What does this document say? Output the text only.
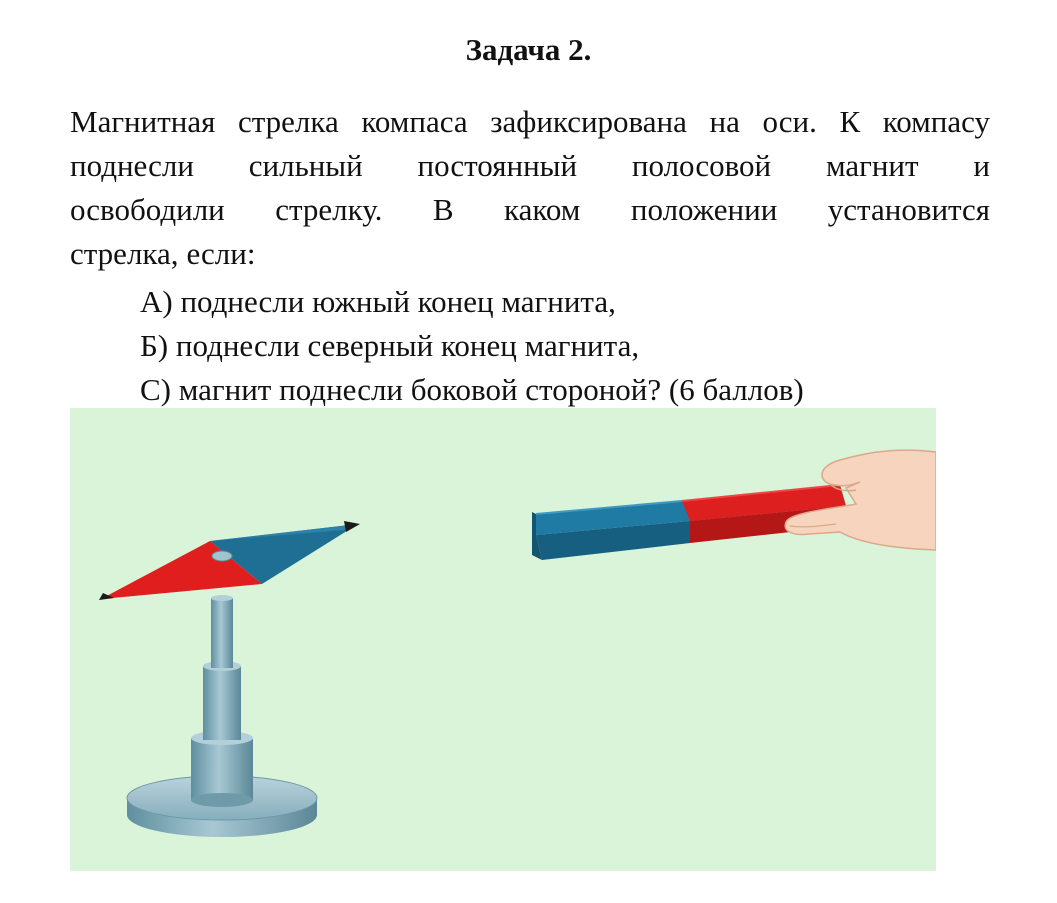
Задача 2.
Магнитная стрелка компаса зафиксирована на оси. К компасу
поднесли сильный постоянный полосовой магнит и
освободили стрелку. В каком положении установится
стрелка, если:
А) поднесли южный конец магнита,
Б) поднесли северный конец магнита,
С) магнит поднесли боковой стороной? (6 баллов)
